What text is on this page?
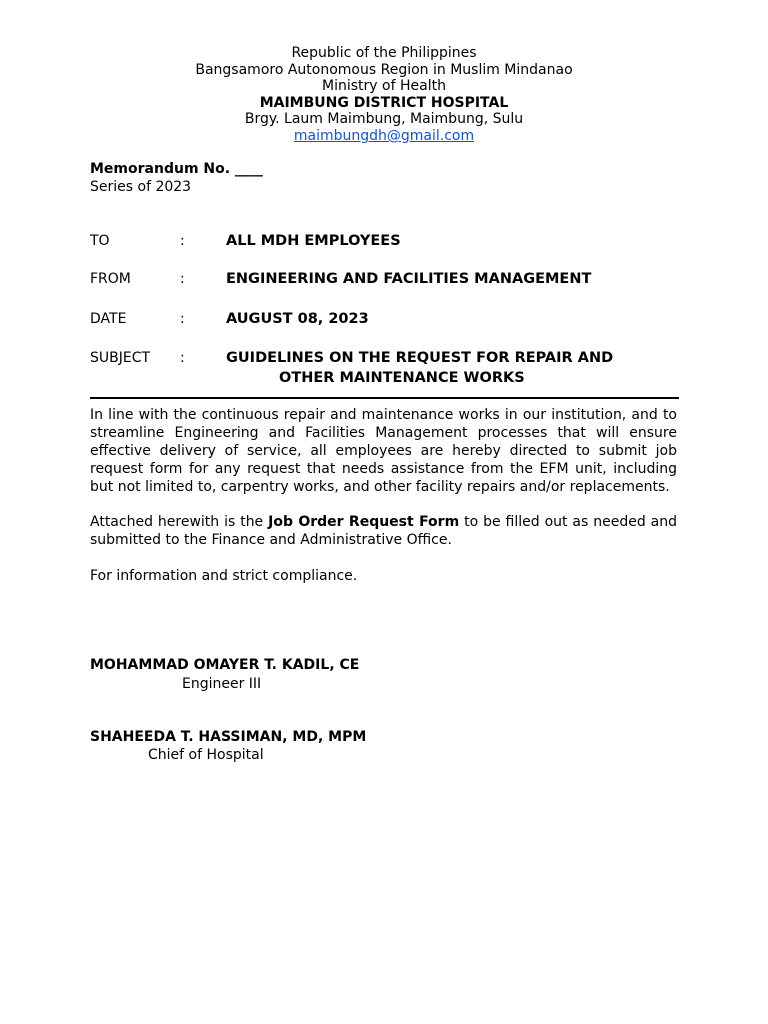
Republic of the Philippines
Bangsamoro Autonomous Region in Muslim Mindanao
Ministry of Health
MAIMBUNG DISTRICT HOSPITAL
Brgy. Laum Maimbung, Maimbung, Sulu
maimbungdh@gmail.com
Memorandum No. ____
Series of 2023
TO	:	ALL MDH EMPLOYEES
FROM	:	ENGINEERING AND FACILITIES MANAGEMENT
DATE	:	AUGUST 08, 2023
SUBJECT :	GUIDELINES ON THE REQUEST FOR REPAIR AND
OTHER MAINTENANCE WORKS
In line with the continuous repair and maintenance works in our institution, and to streamline Engineering and Facilities Management processes that will ensure effective delivery of service, all employees are hereby directed to submit job request form for any request that needs assistance from the EFM unit, including but not limited to, carpentry works, and other facility repairs and/or replacements.
Attached herewith is the Job Order Request Form to be filled out as needed and submitted to the Finance and Administrative Office.
For information and strict compliance.
MOHAMMAD OMAYER T. KADIL, CE
Engineer III
SHAHEEDA T. HASSIMAN, MD, MPM
Chief of Hospital
